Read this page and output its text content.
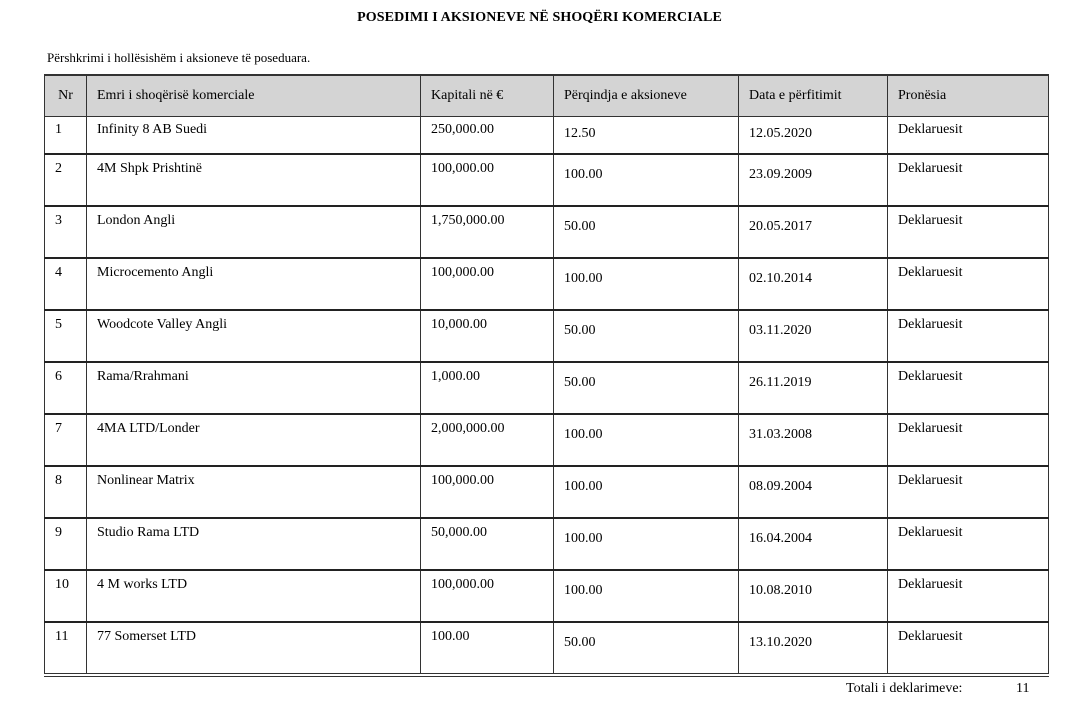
POSEDIMI I AKSIONEVE NË SHOQËRI KOMERCIALE
Përshkrimi i hollësishëm i aksioneve të poseduara.
Nr	Emri i shoqërisë komerciale	Kapitali në €	Përqindja e aksioneve	Data e përfitimit	Pronësia

1	Infinity 8 AB Suedi	250,000.00	12.50	12.05.2020	Deklaruesit

2	4M Shpk Prishtinë	100,000.00	100.00	23.09.2009	Deklaruesit

3	London Angli	1,750,000.00	50.00	20.05.2017	Deklaruesit

4	Microcemento Angli	100,000.00	100.00	02.10.2014	Deklaruesit

5	Woodcote Valley Angli	10,000.00	50.00	03.11.2020	Deklaruesit

6	Rama/Rrahmani	1,000.00	50.00	26.11.2019	Deklaruesit

7	4MA LTD/Londer	2,000,000.00	100.00	31.03.2008	Deklaruesit

8	Nonlinear Matrix	100,000.00	100.00	08.09.2004	Deklaruesit

9	Studio Rama LTD	50,000.00	100.00	16.04.2004	Deklaruesit

10	4 M works LTD	100,000.00	100.00	10.08.2010	Deklaruesit

11	77 Somerset LTD	100.00	50.00	13.10.2020	Deklaruesit
Totali i deklarimeve:	11
